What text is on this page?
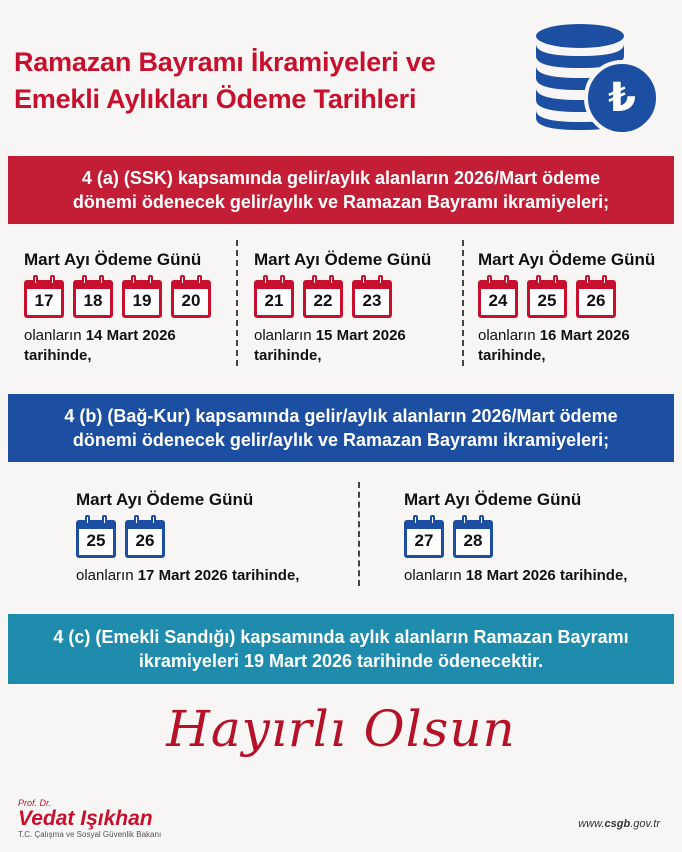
Ramazan Bayramı İkramiyeleri ve
Emekli Aylıkları Ödeme Tarihleri	₺
4 (a) (SSK) kapsamında gelir/aylık alanların 2026/Mart ödeme
dönemi ödenecek gelir/aylık ve Ramazan Bayramı ikramiyeleri;
Mart Ayı Ödeme Günü
17 18 19 20
olanların 14 Mart 2026
tarihinde,
Mart Ayı Ödeme Günü
21 22 23
olanların 15 Mart 2026
tarihinde,
Mart Ayı Ödeme Günü
24 25 26
olanların 16 Mart 2026
tarihinde,
4 (b) (Bağ-Kur) kapsamında gelir/aylık alanların 2026/Mart ödeme
dönemi ödenecek gelir/aylık ve Ramazan Bayramı ikramiyeleri;
Mart Ayı Ödeme Günü
25 26
olanların 17 Mart 2026 tarihinde,
Mart Ayı Ödeme Günü
27 28
olanların 18 Mart 2026 tarihinde,
4 (c) (Emekli Sandığı) kapsamında aylık alanların Ramazan Bayramı
ikramiyeleri 19 Mart 2026 tarihinde ödenecektir.
Hayırlı Olsun
Prof. Dr.
Vedat Işıkhan
T.C. Çalışma ve Sosyal Güvenlik Bakanı
www.csgb.gov.tr
